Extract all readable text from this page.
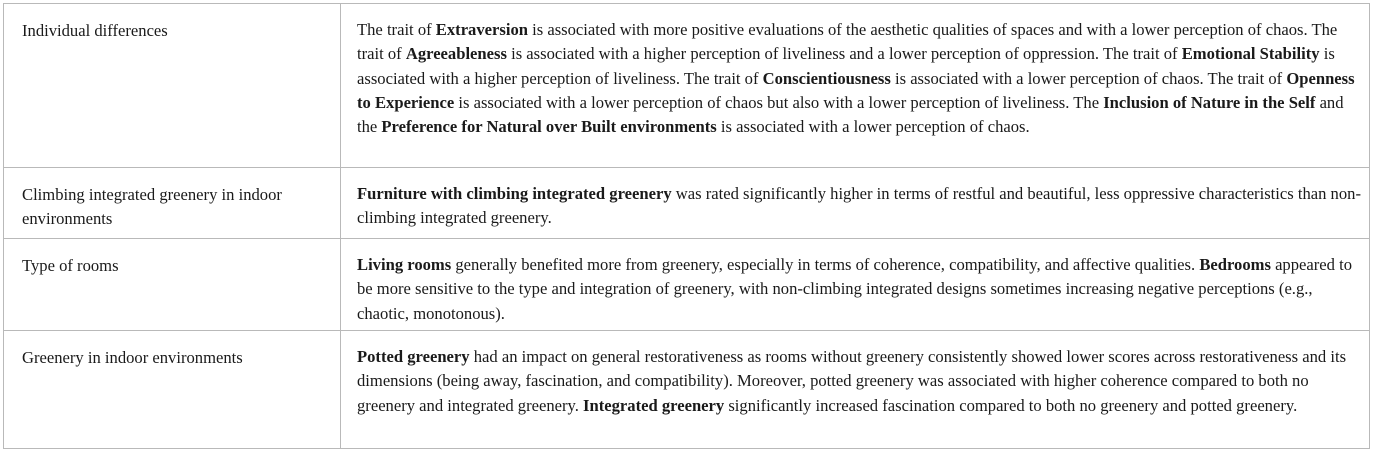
Individual differences	The trait of Extraversion is associated with more positive evaluations of the aesthetic qualities of spaces and with a lower perception of chaos. The trait of Agreeableness is associated with a higher perception of liveliness and a lower perception of oppression. The trait of Emotional Stability is associated with a higher perception of liveliness. The trait of Conscientiousness is associated with a lower perception of chaos. The trait of Openness to Experience is associated with a lower perception of chaos but also with a lower perception of liveliness. The Inclusion of Nature in the Self and the Preference for Natural over Built environments is associated with a lower perception of chaos.
Climbing integrated greenery in indoor environments	Furniture with climbing integrated greenery was rated significantly higher in terms of restful and beautiful, less oppressive characteristics than non-climbing integrated greenery.
Type of rooms	Living rooms generally benefited more from greenery, especially in terms of coherence, compatibility, and affective qualities. Bedrooms appeared to be more sensitive to the type and integration of greenery, with non-climbing integrated designs sometimes increasing negative perceptions (e.g., chaotic, monotonous).
Greenery in indoor environments	Potted greenery had an impact on general restorativeness as rooms without greenery consistently showed lower scores across restorativeness and its dimensions (being away, fascination, and compatibility). Moreover, potted greenery was associated with higher coherence compared to both no greenery and integrated greenery. Integrated greenery significantly increased fascination compared to both no greenery and potted greenery.
